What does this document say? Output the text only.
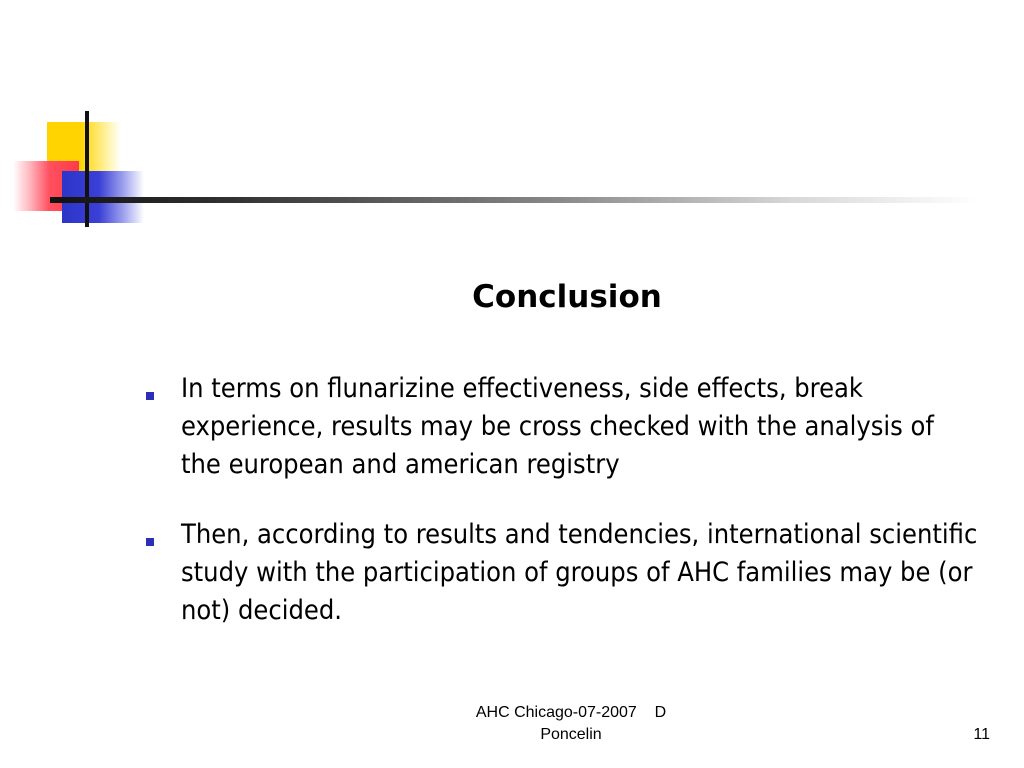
Conclusion
In terms on flunarizine effectiveness, side effects, break experience, results may be cross checked with the analysis of the european and american registry
Then, according to results and tendencies, international scientific study with the participation of groups of AHC families may be (or not) decided.
AHC Chicago-07-2007    D
Poncelin	11
